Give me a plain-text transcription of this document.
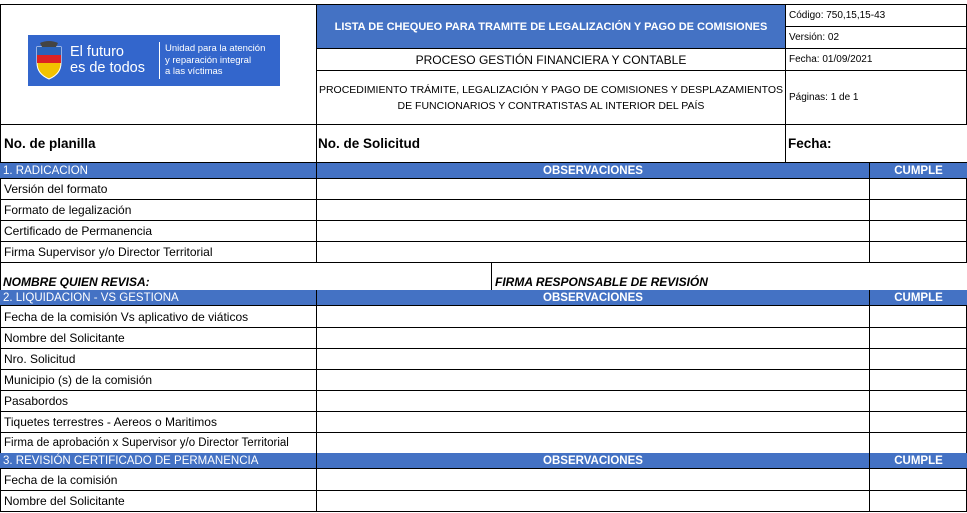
El futuro
es de todos
Unidad para la atención
y reparación integral
a las víctimas
LISTA DE CHEQUEO PARA TRAMITE DE LEGALIZACIÓN Y PAGO DE COMISIONES
PROCESO GESTIÓN FINANCIERA Y CONTABLE
PROCEDIMIENTO TRÁMITE, LEGALIZACIÓN Y PAGO DE COMISIONES Y DESPLAZAMIENTOS
DE FUNCIONARIOS Y CONTRATISTAS AL INTERIOR DEL PAÍS
Código: 750,15,15-43
Versión: 02
Fecha: 01/09/2021
Páginas: 1 de 1
No. de planilla	No. de Solicitud	Fecha:
1. RADICACION	OBSERVACIONES	CUMPLE
Versión del formato
Formato de legalización
Certificado de Permanencia
Firma Supervisor y/o Director Territorial
NOMBRE QUIEN REVISA:	FIRMA RESPONSABLE DE REVISIÓN
2. LIQUIDACION - VS GESTIONA	OBSERVACIONES	CUMPLE
Fecha de la comisión Vs aplicativo de viáticos
Nombre del Solicitante
Nro. Solicitud
Municipio (s) de la comisión
Pasabordos
Tiquetes terrestres - Aereos o Maritimos
Firma de aprobación x Supervisor y/o Director Territorial
3. REVISIÓN CERTIFICADO DE PERMANENCIA	OBSERVACIONES	CUMPLE
Fecha de la comisión
Nombre del Solicitante
